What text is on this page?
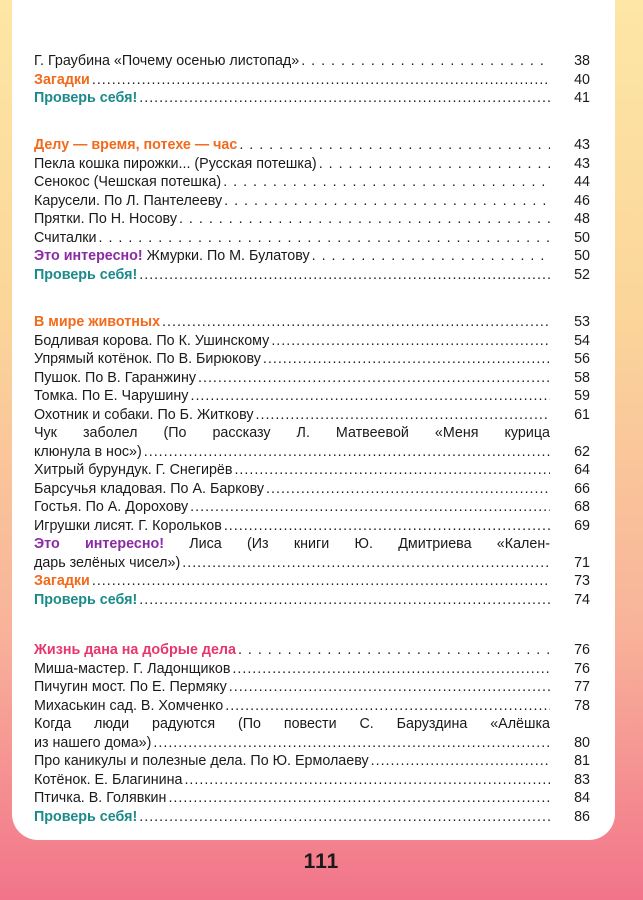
Г. Граубина «Почему осенью листопад» . . .	38
Загадки .....	40
Проверь себя! .....	41
Делу — время, потехе — час . . .	43
Пекла кошка пирожки... (Русская потешка) . . .	43
Сенокос (Чешская потешка) . . .	44
Карусели. По Л. Пантелееву . . .	46
Прятки. По Н. Носову . . .	48
Считалки . . .	50
Это интересно! Жмурки. По М. Булатову . . .	50
Проверь себя! .....	52
В мире животных .....	53
Бодливая корова. По К. Ушинскому .....	54
Упрямый котёнок. По В. Бирюкову .....	56
Пушок. По В. Гаранжину .....	58
Томка. По Е. Чарушину .....	59
Охотник и собаки. По Б. Житкову .....	61
Чук заболел (По рассказу Л. Матвеевой «Меня курица
клюнула в нос») .....	62
Хитрый бурундук. Г. Снегирёв .....	64
Барсучья кладовая. По А. Баркову .....	66
Гостья. По А. Дорохову .....	68
Игрушки лисят. Г. Корольков .....	69
Это интересно! Лиса (Из книги Ю. Дмитриева «Кален-
дарь зелёных чисел») .....	71
Загадки .....	73
Проверь себя! .....	74
Жизнь дана на добрые дела . . .	76
Миша-мастер. Г. Ладонщиков .....	76
Пичугин мост. По Е. Пермяку .....	77
Михаськин сад. В. Хомченко .....	78
Когда люди радуются (По повести С. Баруздина «Алёшка
из нашего дома») .....	80
Про каникулы и полезные дела. По Ю. Ермолаеву .....	81
Котёнок. Е. Благинина .....	83
Птичка. В. Голявкин .....	84
Проверь себя! .....	86
111
